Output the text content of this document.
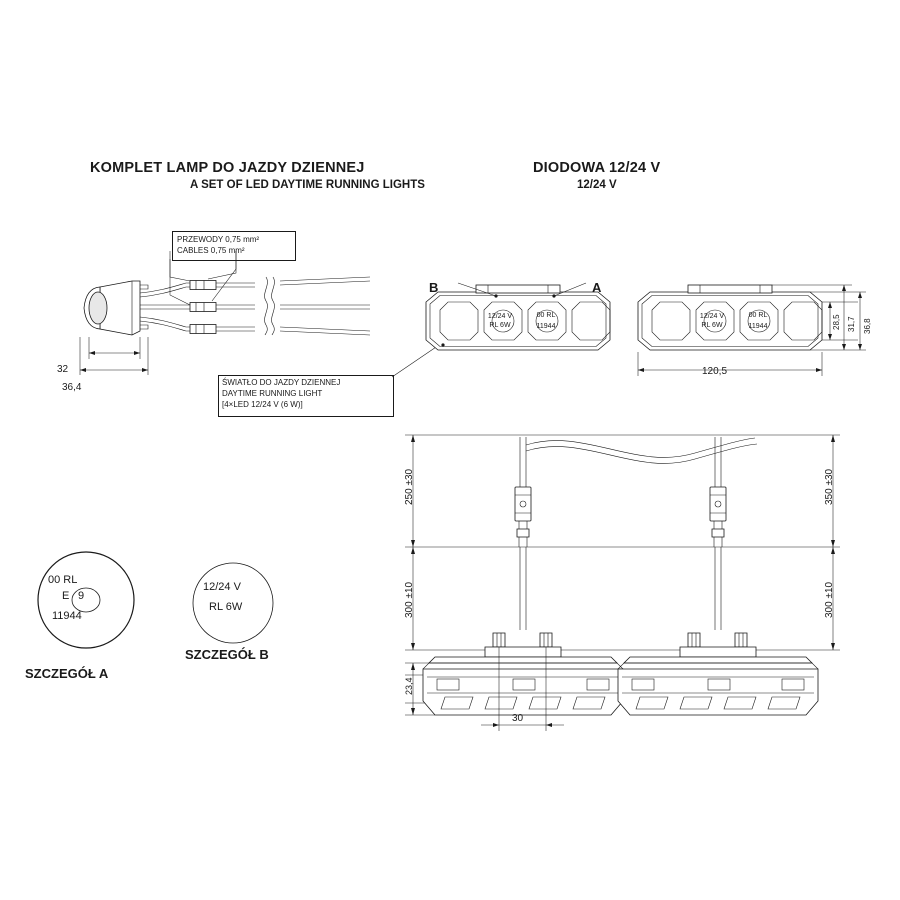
KOMPLET LAMP DO JAZDY DZIENNEJ
A SET OF LED DAYTIME RUNNING LIGHTS
DIODOWA 12/24 V
12/24 V
PRZEWODY 0,75 mm²
CABLES 0,75 mm²
32
36,4	ŚWIATŁO DO JAZDY DZIENNEJ
DAYTIME RUNNING LIGHT
[4×LED 12/24 V (6 W)]
B	A
12/24 V
RL 6W
00 RL
11944
12/24 V
RL 6W
00 RL
11944
120,5
28,5 31,7 36,8
00 RL
9
E
11944
SZCZEGÓŁ A
12/24 V
RL 6W
SZCZEGÓŁ B
250 ±30
300 ±10
23,4
350 ±30
300 ±10
30
